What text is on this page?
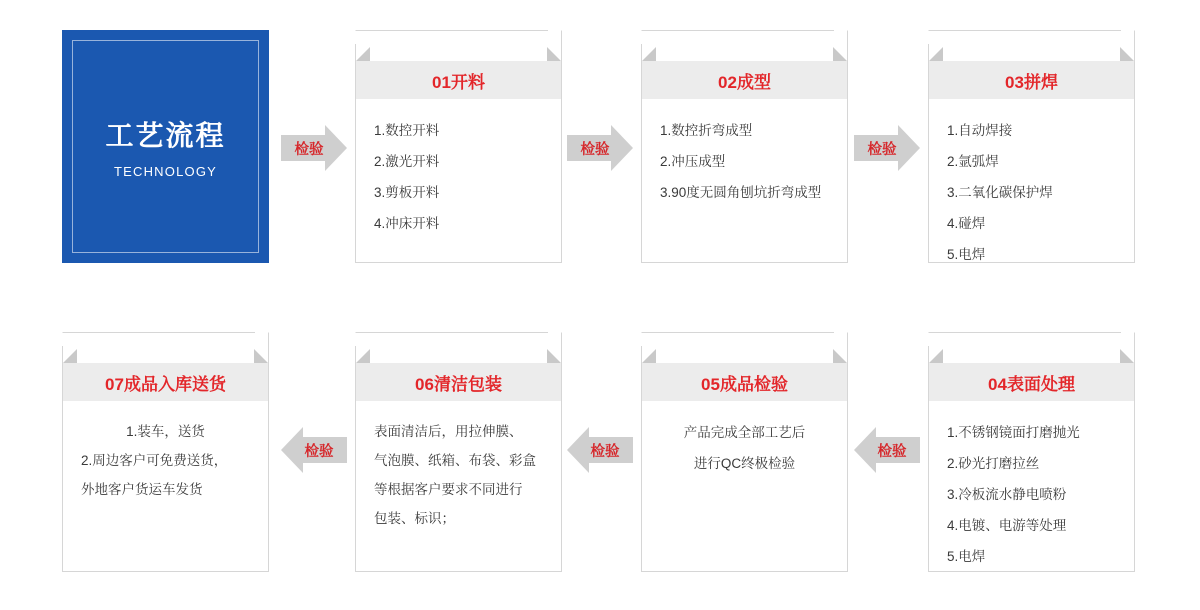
工艺流程
TECHNOLOGY
检验	检验	检验
01开料
1.数控开料
2.激光开料
3.剪板开料
4.冲床开料
02成型
1.数控折弯成型
2.冲压成型
3.90度无圆角刨坑折弯成型
03拼焊
1.自动焊接
2.氩弧焊
3.二氧化碳保护焊
4.碰焊
5.电焊
检验	检验	检验
07成品入库送货
1.装车，送货
2.周边客户可免费送货，
外地客户货运车发货
06清洁包装
表面清洁后，用拉伸膜、
气泡膜、纸箱、布袋、彩盒
等根据客户要求不同进行
包装、标识；
05成品检验
产品完成全部工艺后
进行QC终极检验
04表面处理
1.不锈钢镜面打磨抛光
2.砂光打磨拉丝
3.冷板流水静电喷粉
4.电镀、电游等处理
5.电焊
